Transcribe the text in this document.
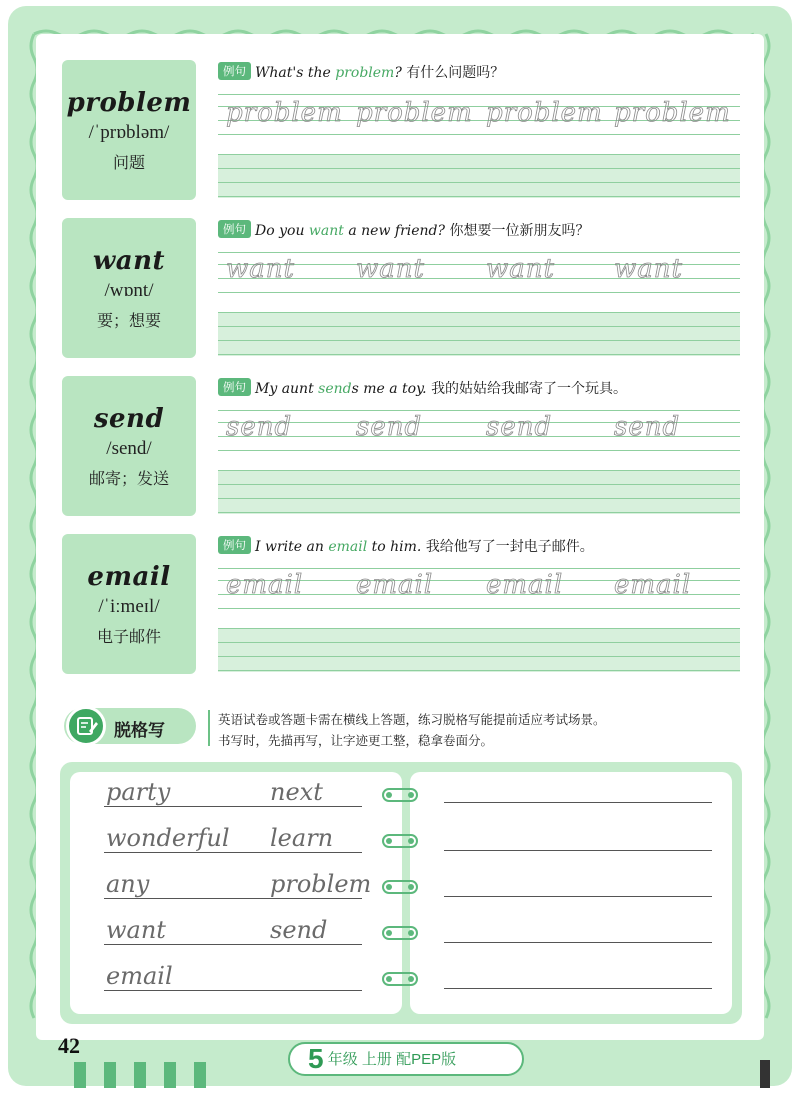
problem
/ˈprɒbləm/
问题
例句 What's the problem? 有什么问题吗？
problem problem problem problem
want
/wɒnt/
要；想要
例句 Do you want a new friend? 你想要一位新朋友吗？
want want want want
send
/send/
邮寄；发送
例句 My aunt sends me a toy. 我的姑姑给我邮寄了一个玩具。
send send send send
email
/ˈiːmeɪl/
电子邮件
例句 I write an email to him. 我给他写了一封电子邮件。
email email email email
脱格写
英语试卷或答题卡需在横线上答题，练习脱格写能提前适应考试场景。
书写时，先描再写，让字迹更工整，稳拿卷面分。
party	next
wonderful learn
any	problem
want	send
email
42	5 年级 上册 配PEP版
